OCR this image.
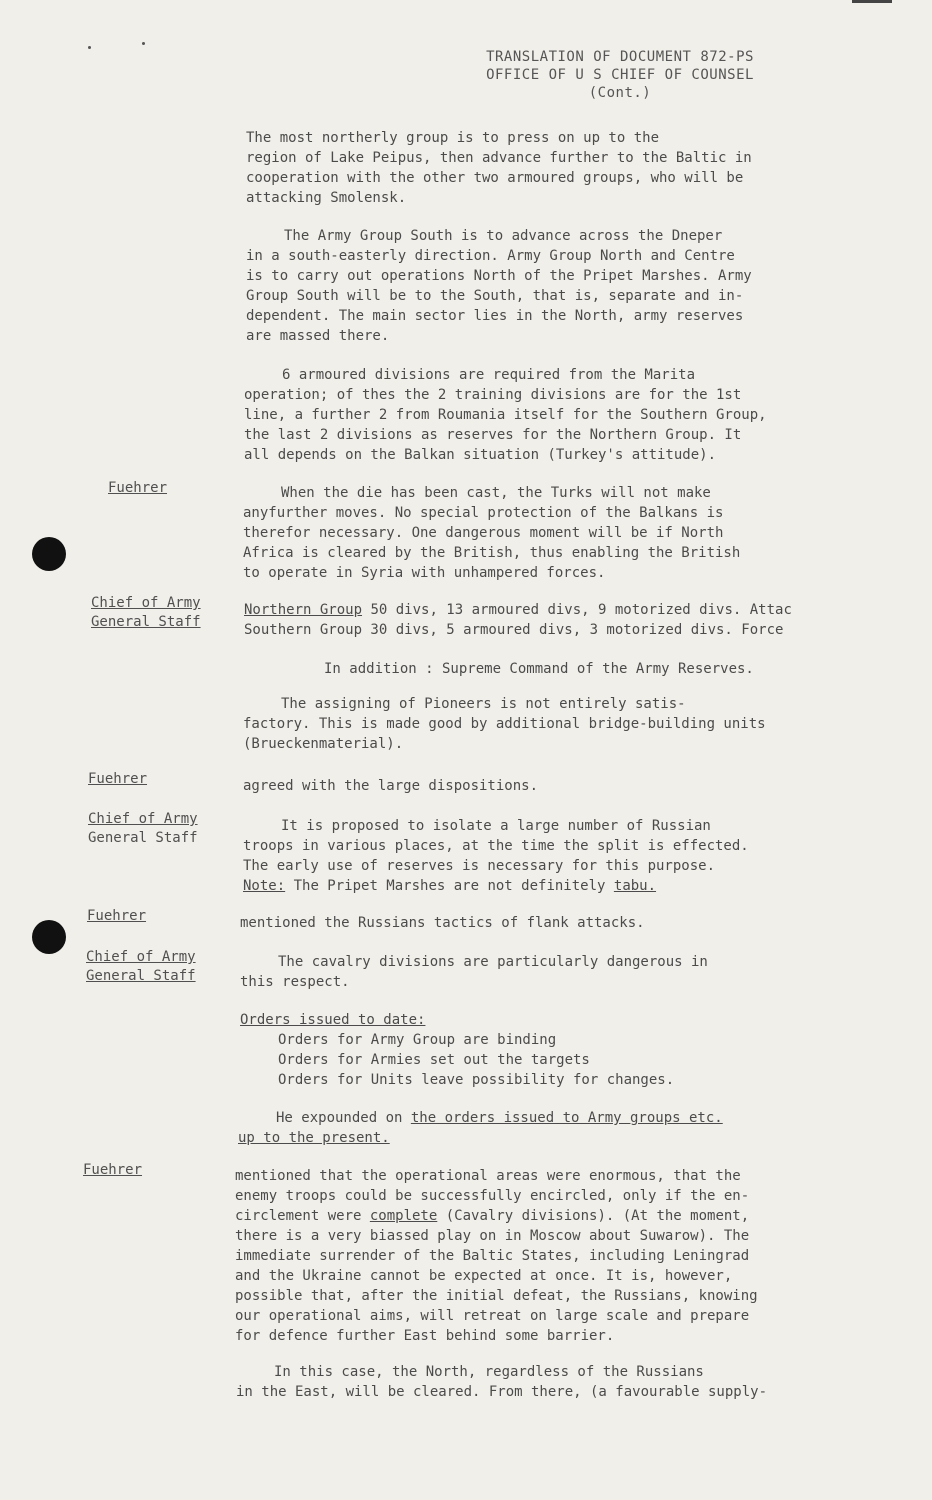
TRANSLATION OF DOCUMENT 872-PS
OFFICE OF U S CHIEF OF COUNSEL
(Cont.)
The most northerly group is to press on up to the
region of Lake Peipus, then advance further to the Baltic in
cooperation with the other two armoured groups, who will be
attacking Smolensk.
The Army Group South is to advance across the Dneper
in a south-easterly direction. Army Group North and Centre
is to carry out operations North of the Pripet Marshes. Army
Group South will be to the South, that is, separate and in-
dependent. The main sector lies in the North, army reserves
are massed there.
6 armoured divisions are required from the Marita
operation; of thes the 2 training divisions are for the 1st
line, a further 2 from Roumania itself for the Southern Group,
the last 2 divisions as reserves for the Northern Group. It
all depends on the Balkan situation (Turkey's attitude).
Fuehrer	When the die has been cast, the Turks will not make
anyfurther moves. No special protection of the Balkans is
therefor necessary. One dangerous moment will be if North
Africa is cleared by the British, thus enabling the British
to operate in Syria with unhampered forces.
Chief of Army
General Staff
Northern Group 50 divs, 13 armoured divs, 9 motorized divs. Attac
Southern Group 30 divs, 5 armoured divs, 3 motorized divs. Force
In addition : Supreme Command of the Army Reserves.
The assigning of Pioneers is not entirely satis-
factory. This is made good by additional bridge-building units
(Brueckenmaterial).
Fuehrer	agreed with the large dispositions.
Chief of Army
General Staff
It is proposed to isolate a large number of Russian
troops in various places, at the time the split is effected.
The early use of reserves is necessary for this purpose.
Note: The Pripet Marshes are not definitely tabu.
Fuehrer	mentioned the Russians tactics of flank attacks.
Chief of Army
General Staff
The cavalry divisions are particularly dangerous in
this respect.
Orders issued to date:
Orders for Army Group are binding
Orders for Armies set out the targets
Orders for Units leave possibility for changes.
He expounded on the orders issued to Army groups etc.
up to the present.
Fuehrer	mentioned that the operational areas were enormous, that the
enemy troops could be successfully encircled, only if the en-
circlement were complete (Cavalry divisions). (At the moment,
there is a very biassed play on in Moscow about Suwarow). The
immediate surrender of the Baltic States, including Leningrad
and the Ukraine cannot be expected at once. It is, however,
possible that, after the initial defeat, the Russians, knowing
our operational aims, will retreat on large scale and prepare
for defence further East behind some barrier.
In this case, the North, regardless of the Russians
in the East, will be cleared. From there, (a favourable supply-
